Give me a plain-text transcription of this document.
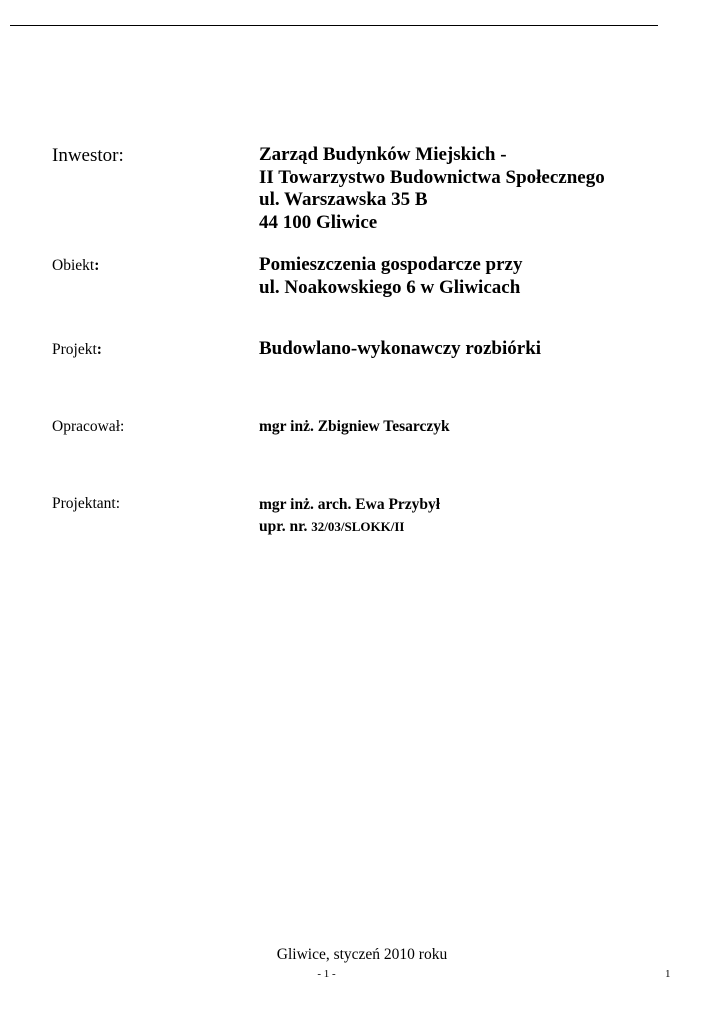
Inwestor:	Zarząd Budynków Miejskich -
II Towarzystwo Budownictwa Społecznego
ul. Warszawska 35 B
44 100 Gliwice
Obiekt:	Pomieszczenia gospodarcze przy
ul. Noakowskiego 6 w Gliwicach
Projekt:	Budowlano-wykonawczy rozbiórki
Opracował:	mgr inż. Zbigniew Tesarczyk
Projektant:	mgr inż. arch. Ewa Przybył
upr. nr. 32/03/SLOKK/II
Gliwice, styczeń 2010 roku
- 1 -	1
